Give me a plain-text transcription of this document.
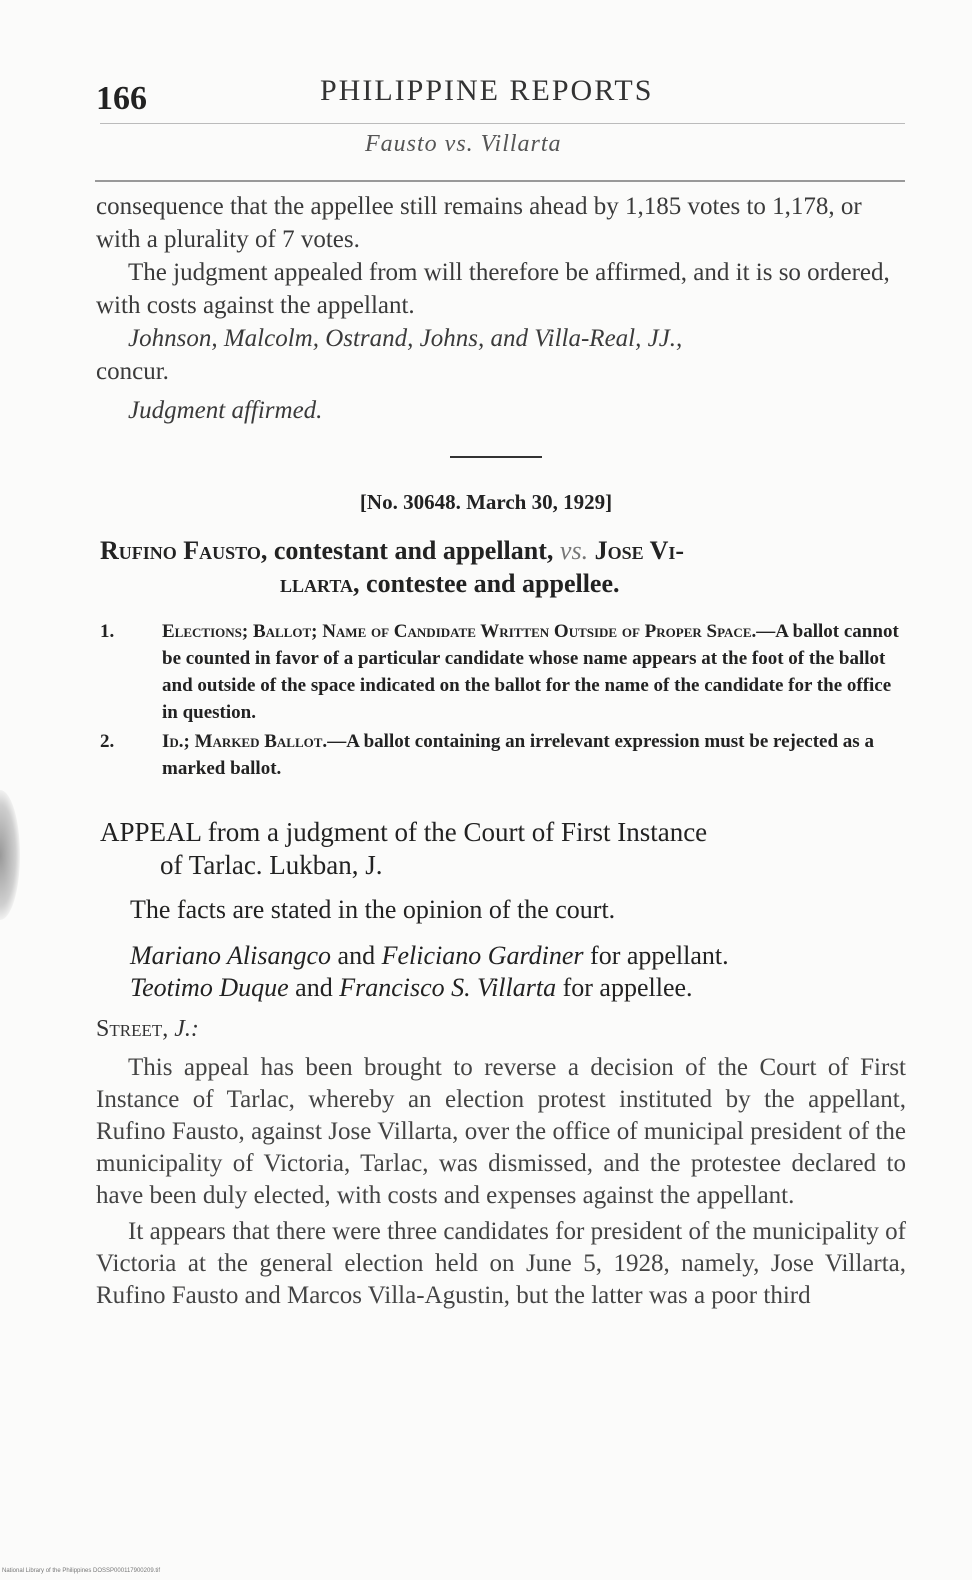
166	PHILIPPINE REPORTS
Fausto vs. Villarta

consequence that the appellee still remains ahead by 1,185 votes to 1,178, or with a plurality of 7 votes.

The judgment appealed from will therefore be affirmed, and it is so ordered, with costs against the appellant.

Johnson, Malcolm, Ostrand, Johns, and Villa-Real, JJ.,

concur.

Judgment affirmed.

[No. 30648. March 30, 1929]
Rufino Fausto, contestant and appellant, vs. Jose Vi-
llarta, contestee and appellee.

1.	Elections; Ballot; Name of Candidate Written Outside of Proper Space.—A ballot cannot be counted in favor of a particular candidate whose name appears at the foot of the ballot and outside of the space indicated on the ballot for the name of the candidate for the office in question.

2.	Id.; Marked Ballot.—A ballot containing an irrelevant expression must be rejected as a marked ballot.

APPEAL from a judgment of the Court of First Instance
of Tarlac. Lukban, J.
The facts are stated in the opinion of the court.
Mariano Alisangco and Feliciano Gardiner for appellant.
Teotimo Duque and Francisco S. Villarta for appellee.
Street, J.:

This appeal has been brought to reverse a decision of the Court of First Instance of Tarlac, whereby an election protest instituted by the appellant, Rufino Fausto, against Jose Villarta, over the office of municipal president of the municipality of Victoria, Tarlac, was dismissed, and the protestee declared to have been duly elected, with costs and expenses against the appellant.

It appears that there were three candidates for president of the municipality of Victoria at the general election held on June 5, 1928, namely, Jose Villarta, Rufino Fausto and Marcos Villa-Agustin, but the latter was a poor third

National Library of the Philippines DOSSP000117900209.tif
